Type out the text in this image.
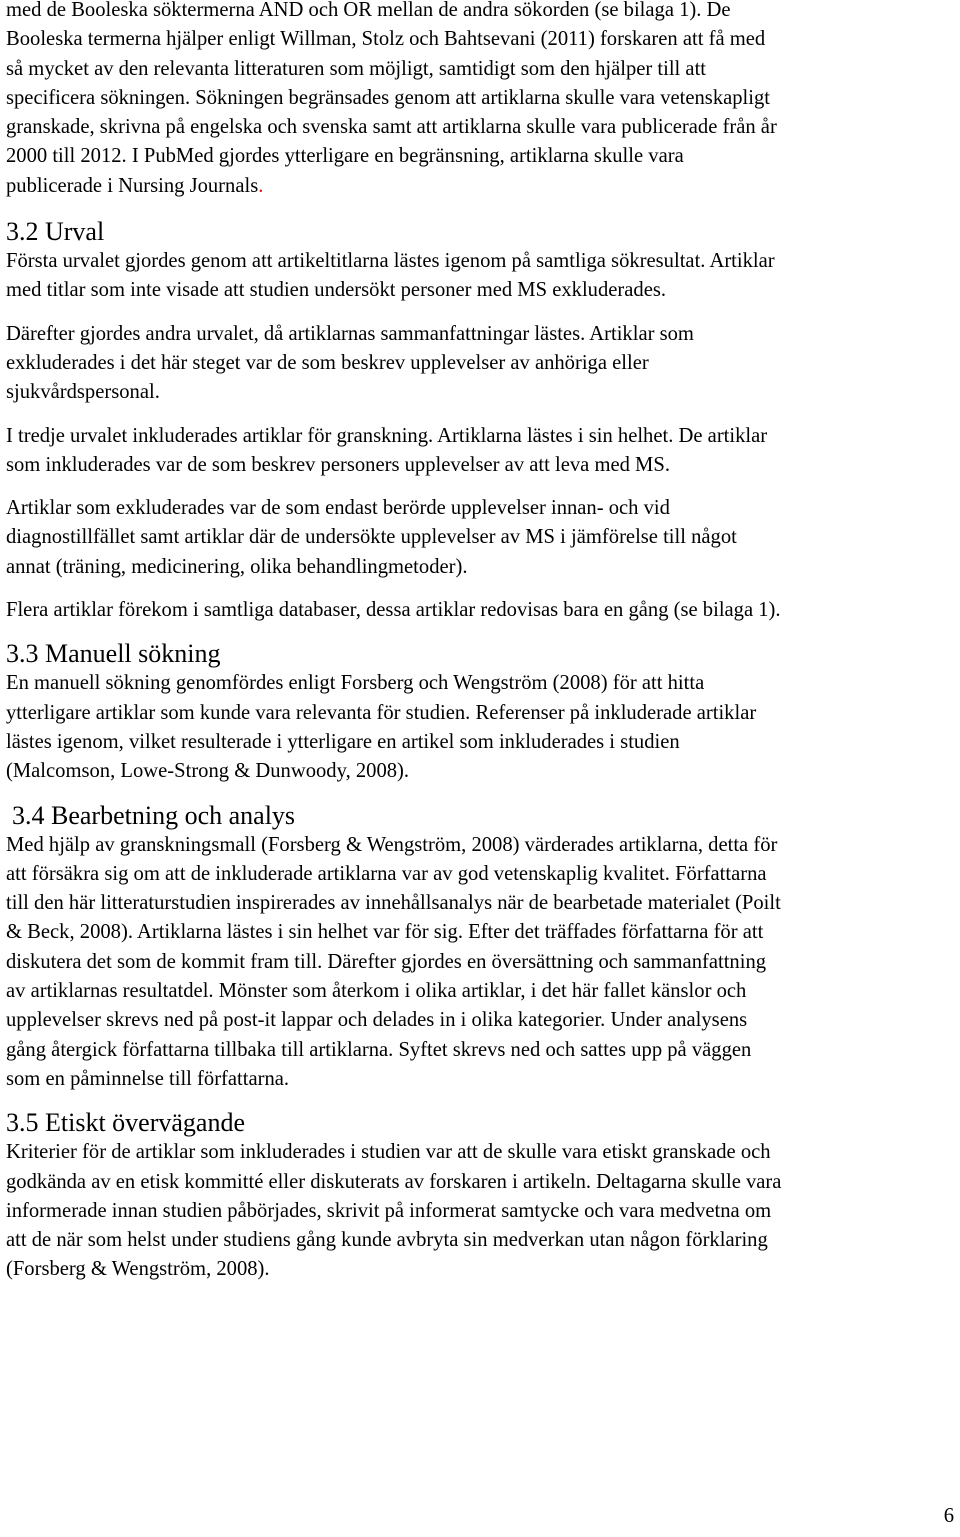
med de Booleska söktermerna AND och OR mellan de andra sökorden (se bilaga 1). De
Booleska termerna hjälper enligt Willman, Stolz och Bahtsevani (2011) forskaren att få med
så mycket av den relevanta litteraturen som möjligt, samtidigt som den hjälper till att
specificera sökningen. Sökningen begränsades genom att artiklarna skulle vara vetenskapligt
granskade, skrivna på engelska och svenska samt att artiklarna skulle vara publicerade från år
2000 till 2012. I PubMed gjordes ytterligare en begränsning, artiklarna skulle vara
publicerade i Nursing Journals.

3.2 Urval

Första urvalet gjordes genom att artikeltitlarna lästes igenom på samtliga sökresultat. Artiklar
med titlar som inte visade att studien undersökt personer med MS exkluderades.

Därefter gjordes andra urvalet, då artiklarnas sammanfattningar lästes. Artiklar som
exkluderades i det här steget var de som beskrev upplevelser av anhöriga eller
sjukvårdspersonal.

I tredje urvalet inkluderades artiklar för granskning. Artiklarna lästes i sin helhet. De artiklar
som inkluderades var de som beskrev personers upplevelser av att leva med MS.

Artiklar som exkluderades var de som endast berörde upplevelser innan- och vid
diagnostillfället samt artiklar där de undersökte upplevelser av MS i jämförelse till något
annat (träning, medicinering, olika behandlingmetoder).

Flera artiklar förekom i samtliga databaser, dessa artiklar redovisas bara en gång (se bilaga 1).

3.3 Manuell sökning

En manuell sökning genomfördes enligt Forsberg och Wengström (2008) för att hitta
ytterligare artiklar som kunde vara relevanta för studien. Referenser på inkluderade artiklar
lästes igenom, vilket resulterade i ytterligare en artikel som inkluderades i studien
(Malcomson, Lowe-Strong & Dunwoody, 2008).

3.4 Bearbetning och analys

Med hjälp av granskningsmall (Forsberg & Wengström, 2008) värderades artiklarna, detta för
att försäkra sig om att de inkluderade artiklarna var av god vetenskaplig kvalitet. Författarna
till den här litteraturstudien inspirerades av innehållsanalys när de bearbetade materialet (Poilt
& Beck, 2008). Artiklarna lästes i sin helhet var för sig. Efter det träffades författarna för att
diskutera det som de kommit fram till. Därefter gjordes en översättning och sammanfattning
av artiklarnas resultatdel. Mönster som återkom i olika artiklar, i det här fallet känslor och
upplevelser skrevs ned på post-it lappar och delades in i olika kategorier. Under analysens
gång återgick författarna tillbaka till artiklarna. Syftet skrevs ned och sattes upp på väggen
som en påminnelse till författarna.

3.5 Etiskt övervägande

Kriterier för de artiklar som inkluderades i studien var att de skulle vara etiskt granskade och
godkända av en etisk kommitté eller diskuterats av forskaren i artikeln. Deltagarna skulle vara
informerade innan studien påbörjades, skrivit på informerat samtycke och vara medvetna om
att de när som helst under studiens gång kunde avbryta sin medverkan utan någon förklaring
(Forsberg & Wengström, 2008).

6
